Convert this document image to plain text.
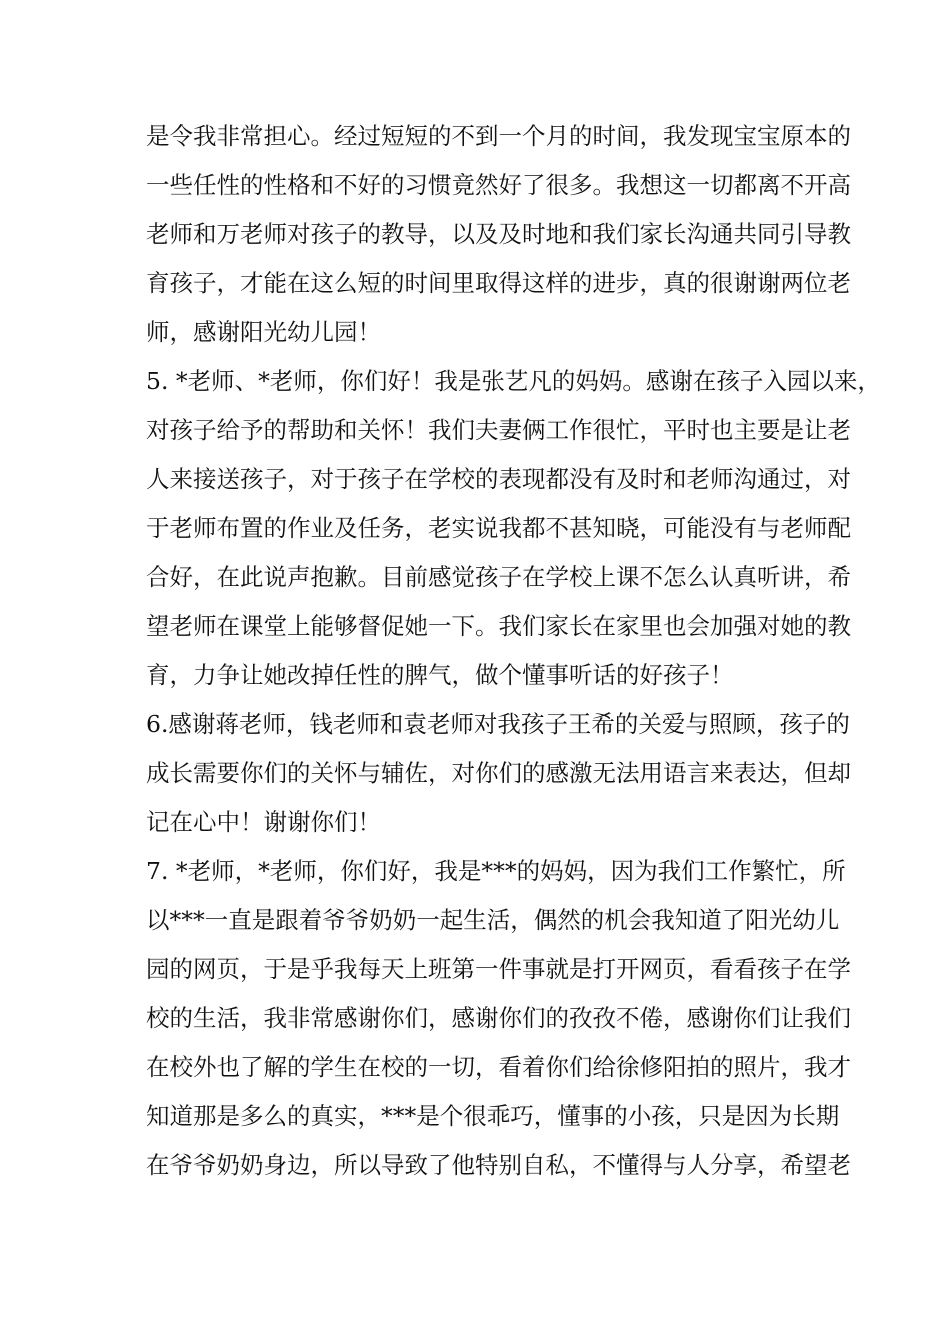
是令我非常担心。经过短短的不到一个月的时间，我发现宝宝原本的
一些任性的性格和不好的习惯竟然好了很多。我想这一切都离不开高
老师和万老师对孩子的教导，以及及时地和我们家长沟通共同引导教
育孩子，才能在这么短的时间里取得这样的进步，真的很谢谢两位老
师，感谢阳光幼儿园！
5. *老师、*老师，你们好！我是张艺凡的妈妈。感谢在孩子入园以来，
对孩子给予的帮助和关怀！我们夫妻俩工作很忙，平时也主要是让老
人来接送孩子，对于孩子在学校的表现都没有及时和老师沟通过，对
于老师布置的作业及任务，老实说我都不甚知晓，可能没有与老师配
合好，在此说声抱歉。目前感觉孩子在学校上课不怎么认真听讲，希
望老师在课堂上能够督促她一下。我们家长在家里也会加强对她的教
育，力争让她改掉任性的脾气，做个懂事听话的好孩子！
6.感谢蒋老师，钱老师和袁老师对我孩子王希的关爱与照顾，孩子的
成长需要你们的关怀与辅佐，对你们的感激无法用语言来表达，但却
记在心中！谢谢你们！
7. *老师，*老师，你们好，我是***的妈妈，因为我们工作繁忙，所
以***一直是跟着爷爷奶奶一起生活，偶然的机会我知道了阳光幼儿
园的网页，于是乎我每天上班第一件事就是打开网页，看看孩子在学
校的生活，我非常感谢你们，感谢你们的孜孜不倦，感谢你们让我们
在校外也了解的学生在校的一切，看着你们给徐修阳拍的照片，我才
知道那是多么的真实，***是个很乖巧，懂事的小孩，只是因为长期
在爷爷奶奶身边，所以导致了他特别自私，不懂得与人分享，希望老
